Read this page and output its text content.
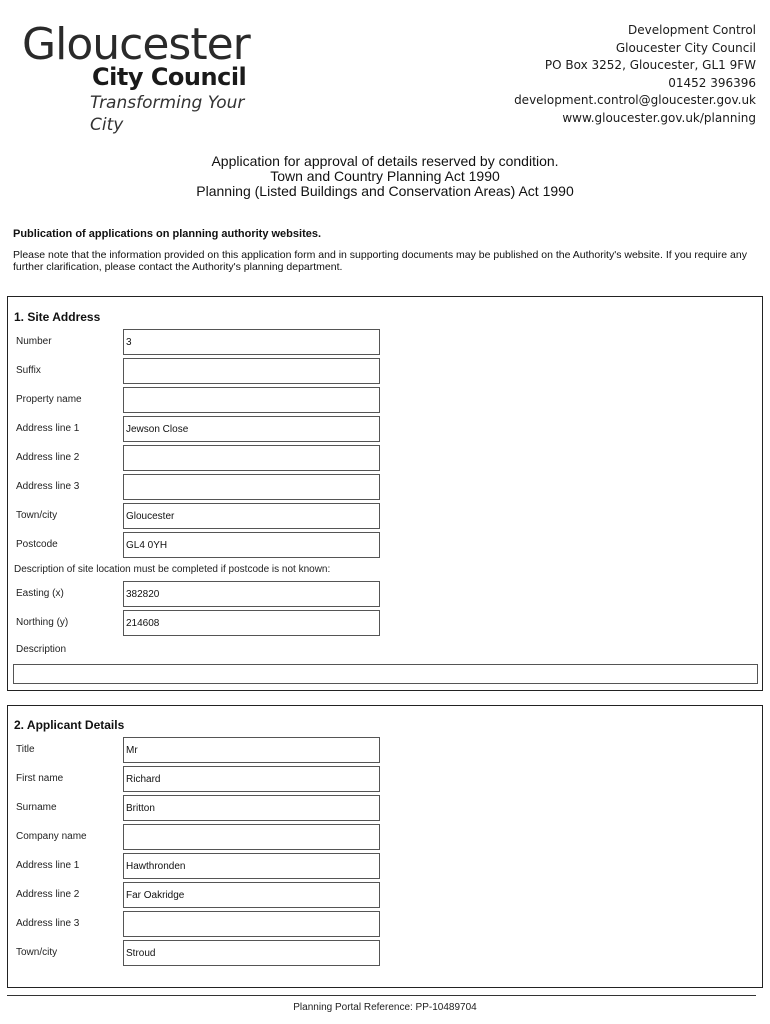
Gloucester
City Council
Transforming Your City
Development Control
Gloucester City Council
PO Box 3252, Gloucester, GL1 9FW
01452 396396
development.control@gloucester.gov.uk
www.gloucester.gov.uk/planning
Application for approval of details reserved by condition.
Town and Country Planning Act 1990
Planning (Listed Buildings and Conservation Areas) Act 1990
Publication of applications on planning authority websites.
Please note that the information provided on this application form and in supporting documents may be published on the Authority's website. If you require any further clarification, please contact the Authority's planning department.
1. Site Address
Number	3
Suffix
Property name
Address line 1	Jewson Close
Address line 2
Address line 3
Town/city	Gloucester
Postcode	GL4 0YH
Description of site location must be completed if postcode is not known:
Easting (x)	382820
Northing (y)	214608
Description
2. Applicant Details
Title	Mr
First name	Richard
Surname	Britton
Company name
Address line 1	Hawthronden
Address line 2	Far Oakridge
Address line 3
Town/city	Stroud
Planning Portal Reference: PP-10489704
